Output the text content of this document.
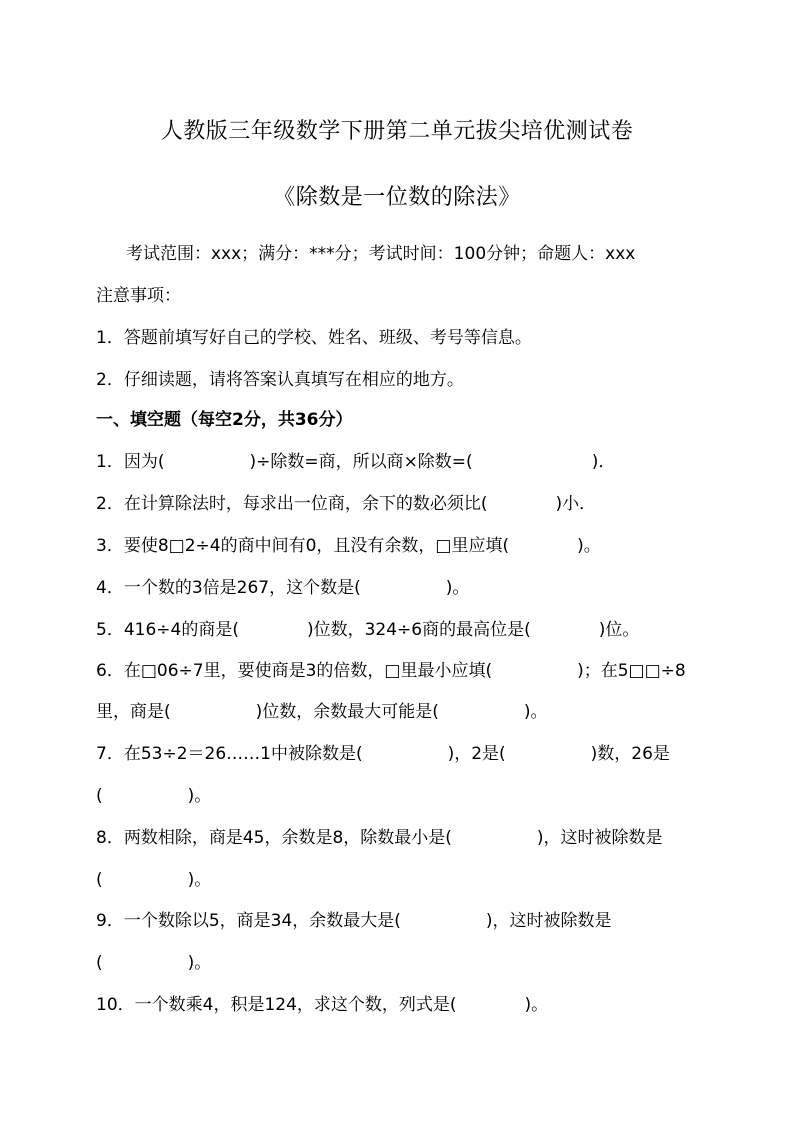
人教版三年级数学下册第二单元拔尖培优测试卷
《除数是一位数的除法》
考试范围：xxx；满分：***分；考试时间：100分钟；命题人：xxx
注意事项：
1．答题前填写好自己的学校、姓名、班级、考号等信息。
2．仔细读题，请将答案认真填写在相应的地方。
一、填空题（每空2分，共36分）
1．因为(　　　　　)÷除数=商，所以商×除数=(　　　　　　　)．
2．在计算除法时，每求出一位商，余下的数必须比(　　　　)小．
3．要使8□2÷4的商中间有0，且没有余数，□里应填(　　　　)。
4．一个数的3倍是267，这个数是(　　　　　)。
5．416÷4的商是(　　　　)位数，324÷6商的最高位是(　　　　)位。
6．在□06÷7里，要使商是3的倍数，□里最小应填(　　　　　)；在5□□÷8
里，商是(　　　　　)位数，余数最大可能是(　　　　　)。
7．在53÷2＝26……1中被除数是(　　　　　)，2是(　　　　　)数，26是
(　　　　　)。
8．两数相除，商是45，余数是8，除数最小是(　　　　　)，这时被除数是
(　　　　　)。
9．一个数除以5，商是34，余数最大是(　　　　　)，这时被除数是
(　　　　　)。
10．一个数乘4，积是124，求这个数，列式是(　　　　)。
